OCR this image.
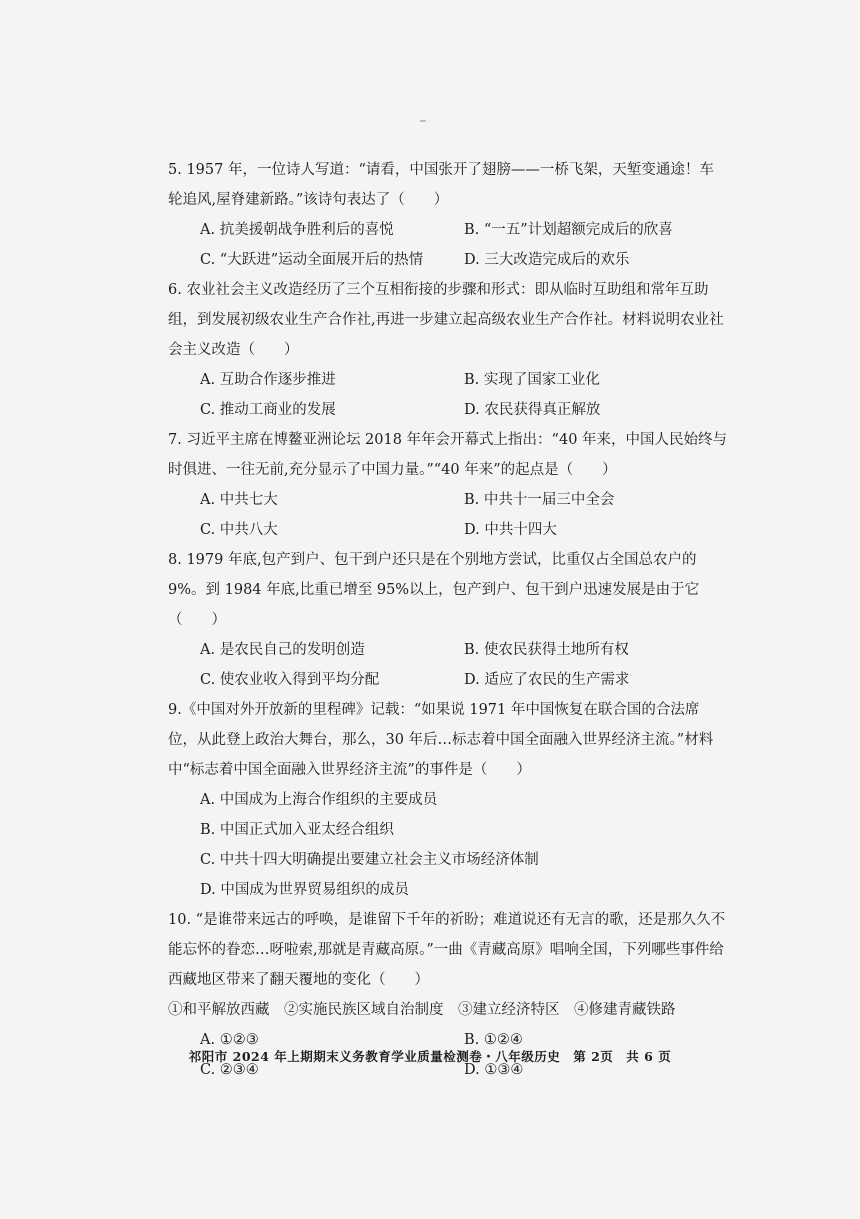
5. 1957 年，一位诗人写道：“请看，中国张开了翅膀——一桥飞架，天堑变通途！车轮追风,屋脊建新路。”该诗句表达了（　　）

A. 抗美援朝战争胜利后的喜悦	B. “一五”计划超额完成后的欣喜
C. “大跃进”运动全面展开后的热情	D. 三大改造完成后的欢乐

6. 农业社会主义改造经历了三个互相衔接的步骤和形式：即从临时互助组和常年互助组，到发展初级农业生产合作社,再进一步建立起高级农业生产合作社。材料说明农业社会主义改造（　　）

A. 互助合作逐步推进	B. 实现了国家工业化
C. 推动工商业的发展	D. 农民获得真正解放

7. 习近平主席在博鳌亚洲论坛 2018 年年会开幕式上指出：“40 年来，中国人民始终与时俱进、一往无前,充分显示了中国力量。”“40 年来”的起点是（　　）

A. 中共七大	B. 中共十一届三中全会
C. 中共八大	D. 中共十四大

8. 1979 年底,包产到户、包干到户还只是在个别地方尝试，比重仅占全国总农户的 9%。到 1984 年底,比重已增至 95%以上，包产到户、包干到户迅速发展是由于它（　　）

A. 是农民自己的发明创造	B. 使农民获得土地所有权
C. 使农业收入得到平均分配	D. 适应了农民的生产需求

9.《中国对外开放新的里程碑》记载：“如果说 1971 年中国恢复在联合国的合法席位，从此登上政治大舞台，那么，30 年后…标志着中国全面融入世界经济主流。”材料中“标志着中国全面融入世界经济主流”的事件是（　　）

A. 中国成为上海合作组织的主要成员
B. 中国正式加入亚太经合组织
C. 中共十四大明确提出要建立社会主义市场经济体制
D. 中国成为世界贸易组织的成员

10. “是谁带来远古的呼唤，是谁留下千年的祈盼；难道说还有无言的歌，还是那久久不能忘怀的眷恋…呀啦索,那就是青藏高原。”一曲《青藏高原》唱响全国，下列哪些事件给西藏地区带来了翻天覆地的变化（　　）

①和平解放西藏　②实施民族区域自治制度　③建立经济特区　④修建青藏铁路

A. ①②③	B. ①②④
C. ②③④	D. ①③④
祁阳市 2024 年上期期末义务教育学业质量检测卷・八年级历史　第 2页　共 6 页
